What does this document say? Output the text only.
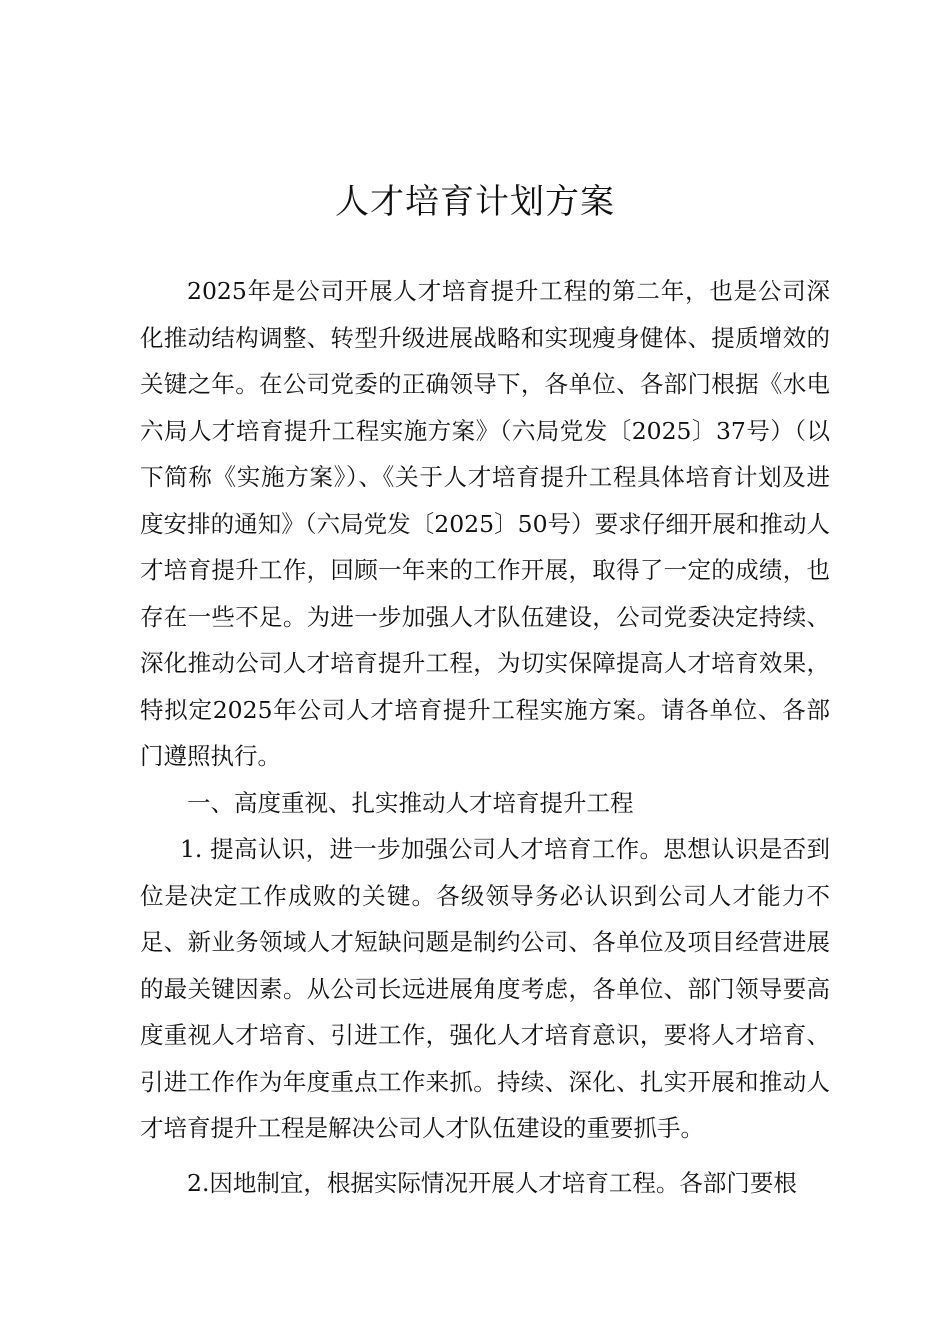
人才培育计划方案

2025年是公司开展人才培育提升工程的第二年，也是公司深化推动结构调整、转型升级进展战略和实现瘦身健体、提质增效的关键之年。在公司党委的正确领导下，各单位、各部门根据《水电六局人才培育提升工程实施方案》（六局党发〔2025〕37号）（以下简称《实施方案》）、《关于人才培育提升工程具体培育计划及进度安排的通知》（六局党发〔2025〕50号）要求仔细开展和推动人才培育提升工作，回顾一年来的工作开展，取得了一定的成绩，也存在一些不足。为进一步加强人才队伍建设，公司党委决定持续、深化推动公司人才培育提升工程，为切实保障提高人才培育效果，特拟定2025年公司人才培育提升工程实施方案。请各单位、各部门遵照执行。

一、高度重视、扎实推动人才培育提升工程

1. 提高认识，进一步加强公司人才培育工作。思想认识是否到位是决定工作成败的关键。各级领导务必认识到公司人才能力不足、新业务领域人才短缺问题是制约公司、各单位及项目经营进展的最关键因素。从公司长远进展角度考虑，各单位、部门领导要高度重视人才培育、引进工作，强化人才培育意识，要将人才培育、引进工作作为年度重点工作来抓。持续、深化、扎实开展和推动人才培育提升工程是解决公司人才队伍建设的重要抓手。

2.因地制宜，根据实际情况开展人才培育工程。各部门要根
